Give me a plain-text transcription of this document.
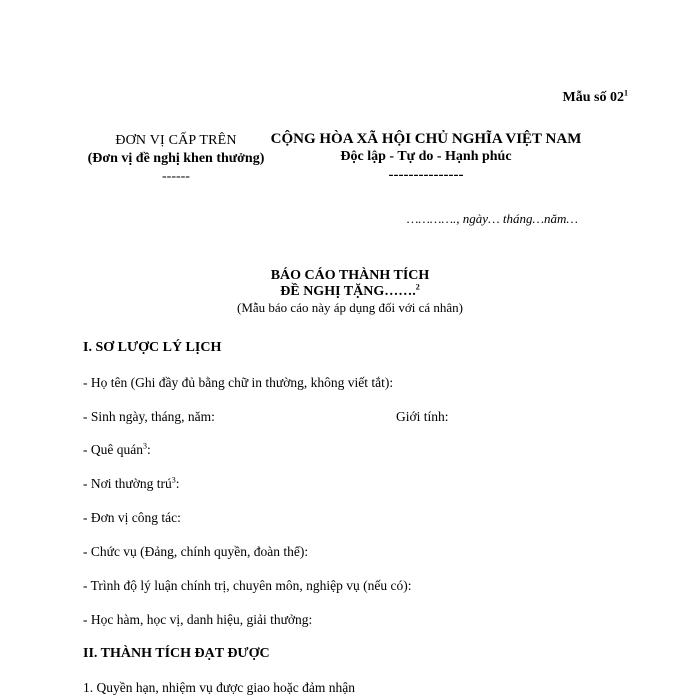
Mẫu số $02^1$
ĐƠN VỊ CẤP TRÊN
(Đơn vị đề nghị khen thưởng)
------
CỘNG HÒA XÃ HỘI CHỦ NGHĨA VIỆT NAM
Độc lập - Tự do - Hạnh phúc
---------------
…………., ngày… tháng…năm…
BÁO CÁO THÀNH TÍCH
ĐỀ NGHỊ TẶNG…….$^2$
(Mẫu báo cáo này áp dụng đối với cá nhân)
I. SƠ LƯỢC LÝ LỊCH
- Họ tên (Ghi đầy đủ bằng chữ in thường, không viết tắt):
- Sinh ngày, tháng, năm:	Giới tính:
- Quê quán$^3$:
- Nơi thường trú$^3$:
- Đơn vị công tác:
- Chức vụ (Đảng, chính quyền, đoàn thể):
- Trình độ lý luận chính trị, chuyên môn, nghiệp vụ (nếu có):
- Học hàm, học vị, danh hiệu, giải thưởng:
II. THÀNH TÍCH ĐẠT ĐƯỢC
1. Quyền hạn, nhiệm vụ được giao hoặc đảm nhận
